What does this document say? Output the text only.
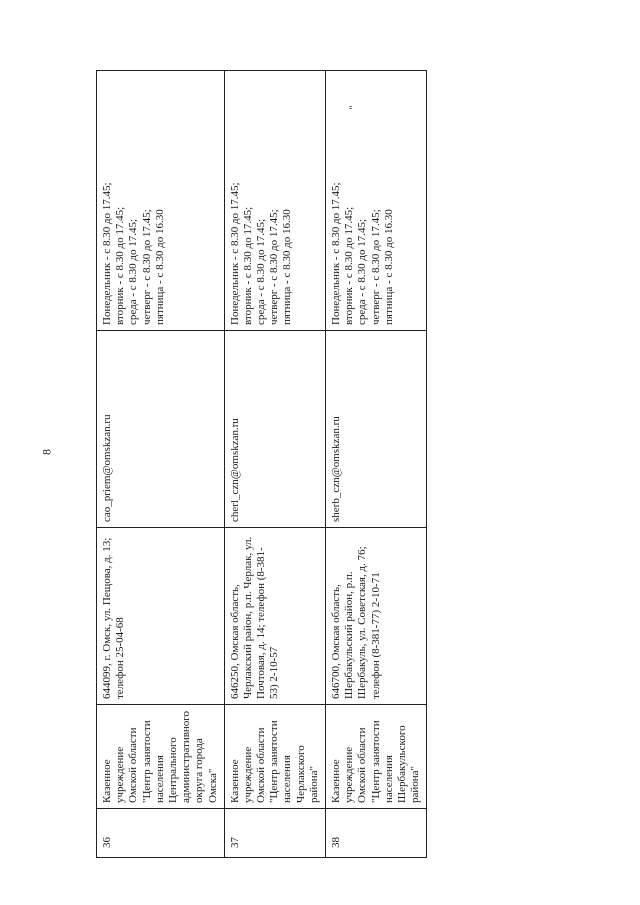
8
"
36	Казенное учреждение Омской области "Центр занятости населения Центрального административного округа города Омска"	644099, г. Омск, ул. Пещова, д. 13; телефон 25-04-68	cao_priem@omskzan.ru	Понедельник - с 8.30 до 17.45; вторник - с 8.30 до 17.45; среда - с 8.30 до 17.45; четверг - с 8.30 до 17.45; пятница - с 8.30 до 16.30

37	Казенное учреждение Омской области "Центр занятости населения Черлакского района"	646250, Омская область, Черлакский район, р.п. Черлак, ул. Почтовая, д. 14; телефон (8-381-53) 2-10-57	cherl_czn@omskzan.ru	Понедельник - с 8.30 до 17.45; вторник - с 8.30 до 17.45; среда - с 8.30 до 17.45; четверг - с 8.30 до 17.45; пятница - с 8.30 до 16.30

38	Казенное учреждение Омской области "Центр занятости населения Шербакульского района"	646700, Омская область, Шербакульский район, р.п. Шербакуль, ул. Советская, д. 76; телефон (8-381-77) 2-10-71	sherb_czn@omskzan.ru	Понедельник - с 8.30 до 17.45; вторник - с 8.30 до 17.45; среда - с 8.30 до 17.45; четверг - с 8.30 до 17.45; пятница - с 8.30 до 16.30
